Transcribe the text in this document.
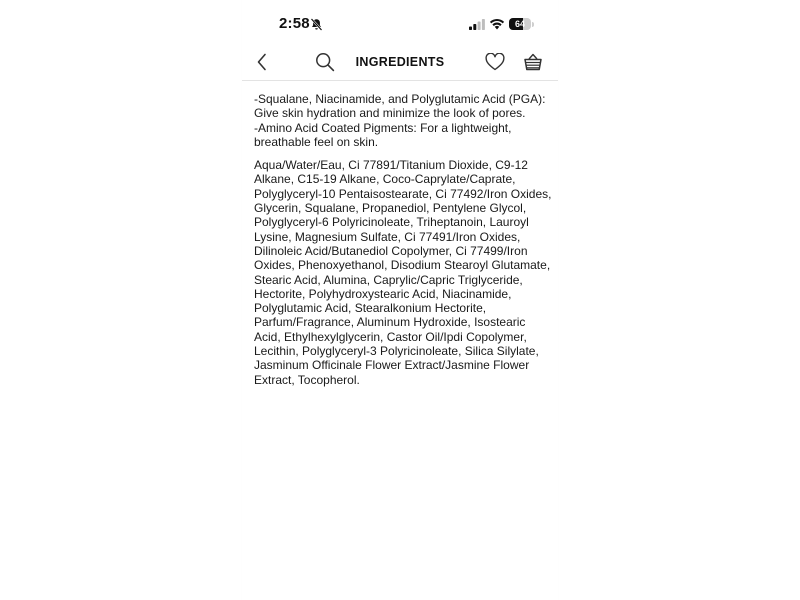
2:58	64
INGREDIENTS

-Squalane, Niacinamide, and Polyglutamic Acid (PGA): Give skin hydration and minimize the look of pores.
-Amino Acid Coated Pigments: For a lightweight, breathable feel on skin.

Aqua/Water/Eau, Ci 77891/Titanium Dioxide, C9-12 Alkane, C15-19 Alkane, Coco-Caprylate/Caprate, Polyglyceryl-10 Pentaisostearate, Ci 77492/Iron Oxides, Glycerin, Squalane, Propanediol, Pentylene Glycol, Polyglyceryl-6 Polyricinoleate, Triheptanoin, Lauroyl Lysine, Magnesium Sulfate, Ci 77491/Iron Oxides, Dilinoleic Acid/Butanediol Copolymer, Ci 77499/Iron Oxides, Phenoxyethanol, Disodium Stearoyl Glutamate, Stearic Acid, Alumina, Caprylic/Capric Triglyceride, Hectorite, Polyhydroxystearic Acid, Niacinamide, Polyglutamic Acid, Stearalkonium Hectorite, Parfum/Fragrance, Aluminum Hydroxide, Isostearic Acid, Ethylhexylglycerin, Castor Oil/Ipdi Copolymer, Lecithin, Polyglyceryl-3 Polyricinoleate, Silica Silylate, Jasminum Officinale Flower Extract/Jasmine Flower Extract, Tocopherol.
